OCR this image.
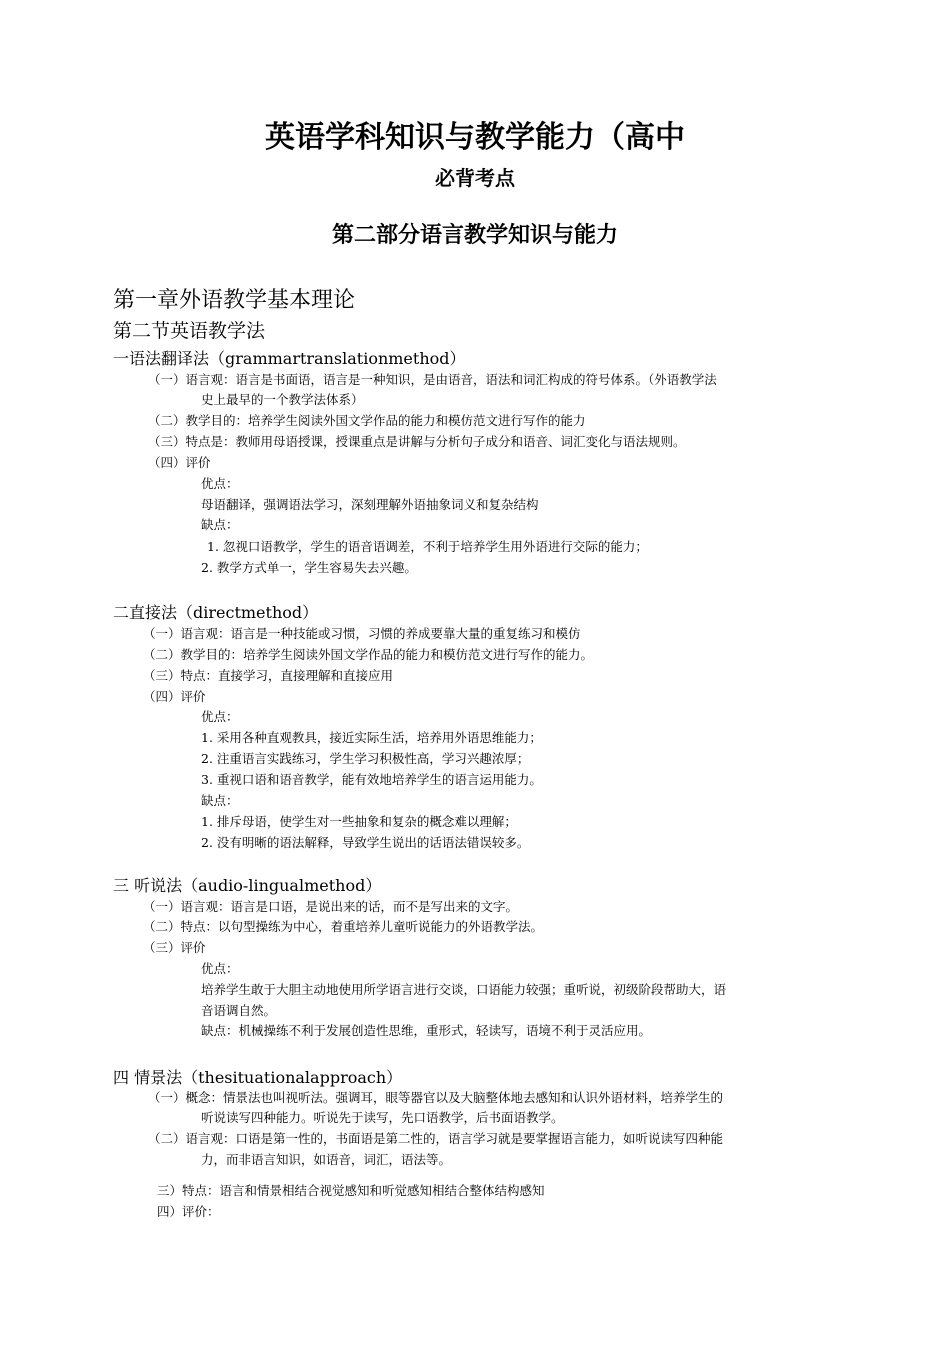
英语学科知识与教学能力（高中
必背考点
第二部分语言教学知识与能力
第一章外语教学基本理论
第二节英语教学法
一语法翻译法（grammartranslationmethod）
（一）语言观：语言是书面语，语言是一种知识，是由语音，语法和词汇构成的符号体系。（外语教学法
史上最早的一个教学法体系）
（二）教学目的：培养学生阅读外国文学作品的能力和模仿范文进行写作的能力
（三）特点是：教师用母语授课，授课重点是讲解与分析句子成分和语音、词汇变化与语法规则。
（四）评价
优点：
母语翻译，强调语法学习，深刻理解外语抽象词义和复杂结构
缺点：
1. 忽视口语教学，学生的语音语调差，不利于培养学生用外语进行交际的能力；
2. 教学方式单一，学生容易失去兴趣。
二直接法（directmethod）
（一）语言观：语言是一种技能或习惯，习惯的养成要靠大量的重复练习和模仿
（二）教学目的：培养学生阅读外国文学作品的能力和模仿范文进行写作的能力。
（三）特点：直接学习，直接理解和直接应用
（四）评价
优点：
1. 采用各种直观教具，接近实际生活，培养用外语思维能力；
2. 注重语言实践练习，学生学习积极性高，学习兴趣浓厚；
3. 重视口语和语音教学，能有效地培养学生的语言运用能力。
缺点：
1. 排斥母语，使学生对一些抽象和复杂的概念难以理解；
2. 没有明晰的语法解释，导致学生说出的话语法错误较多。
三 听说法（audio-lingualmethod）
（一）语言观：语言是口语，是说出来的话，而不是写出来的文字。
（二）特点：以句型操练为中心，着重培养儿童听说能力的外语教学法。
（三）评价
优点：
培养学生敢于大胆主动地使用所学语言进行交谈，口语能力较强；重听说，初级阶段帮助大，语
音语调自然。
缺点：机械操练不利于发展创造性思维，重形式，轻读写，语境不利于灵活应用。
四 情景法（thesituationalapproach）
（一）概念：情景法也叫视听法。强调耳，眼等器官以及大脑整体地去感知和认识外语材料，培养学生的
听说读写四种能力。听说先于读写，先口语教学，后书面语教学。
（二）语言观：口语是第一性的，书面语是第二性的，语言学习就是要掌握语言能力，如听说读写四种能
力，而非语言知识，如语音，词汇，语法等。
三）特点：语言和情景相结合视觉感知和听觉感知相结合整体结构感知
四）评价：
